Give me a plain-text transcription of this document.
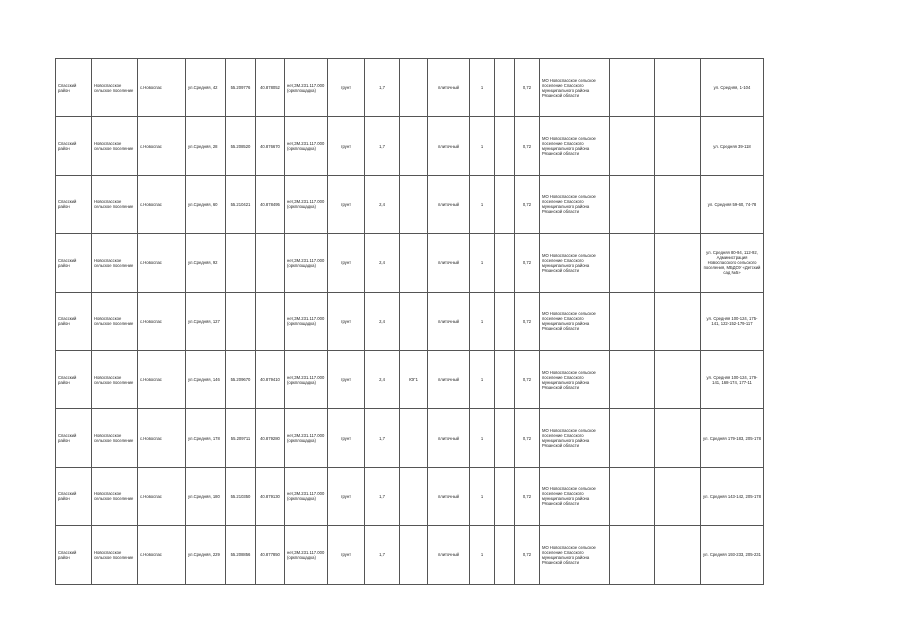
Спасский район	Новоспасское сельское поселение	с.Новоспас	ул.Средняя, 42	55.209776	40.878052	нет,ЗМ.231.117.000 (оркплощадка)	грунт	1,7		плиточный	1		0,72	МО Новоспасское сельское поселение Спасского муниципального района Рязанской области			ул. Средняя, 1-104
Спасский район	Новоспасское сельское поселение	с.Новоспас	ул.Средняя, 28	55.208520	40.876670	нет,ЗМ.231.117.000 (оркплощадка)	грунт	1,7		плиточный	1		0,72	МО Новоспасское сельское поселение Спасского муниципального района Рязанской области			ул. Средняя 39-118
Спасский район	Новоспасское сельское поселение	с.Новоспас	ул.Средняя, 60	55.210421	40.878495	нет,ЗМ.231.117.000 (оркплощадка)	грунт	2,4		плиточный	1		0,72	МО Новоспасское сельское поселение Спасского муниципального района Рязанской области			ул. Средняя 59-60, 74-78
Спасский район	Новоспасское сельское поселение	с.Новоспас	ул.Средняя, 92			нет,ЗМ.231.117.000 (оркплощадка)	грунт	2,4		плиточный	1		0,72	МО Новоспасское сельское поселение Спасского муниципального района Рязанской области			ул. Средняя 80-94, 112-92, Администрация Новоспасского сельского поселения, МБДОУ «Детский сад №5»
Спасский район	Новоспасское сельское поселение	с.Новоспас	ул.Средняя, 127			нет,ЗМ.231.117.000 (оркплощадка)	грунт	2,4		плиточный	1		0,72	МО Новоспасское сельское поселение Спасского муниципального района Рязанской области			ул. Средняя 100-124, 175-141, 122-152-179-117
Спасский район	Новоспасское сельское поселение	с.Новоспас	ул.Средняя, 146	55.209670	40.879410	нет,ЗМ.231.117.000 (оркплощадка)	грунт	2,4	ЮГ1	плиточный	1		0,72	МО Новоспасское сельское поселение Спасского муниципального района Рязанской области			ул. Средняя 100-124, 179-141, 168-174, 177-11
Спасский район	Новоспасское сельское поселение	с.Новоспас	ул.Средняя, 178	55.209711	40.879280	нет,ЗМ.231.117.000 (оркплощадка)	грунт	1,7		плиточный	1		0,72	МО Новоспасское сельское поселение Спасского муниципального района Рязанской области			ул. Средняя 179-183, 205-178
Спасский район	Новоспасское сельское поселение	с.Новоспас	ул.Средняя, 180	55.210350	40.879130	нет,ЗМ.231.117.000 (оркплощадка)	грунт	1,7		плиточный	1		0,72	МО Новоспасское сельское поселение Спасского муниципального района Рязанской области			ул. Средняя 143-142, 205-178
Спасский район	Новоспасское сельское поселение	с.Новоспас	ул.Средняя, 229	55.208856	40.877850	нет,ЗМ.231.117.000 (оркплощадка)	грунт	1,7		плиточный	1		0,72	МО Новоспасское сельское поселение Спасского муниципального района Рязанской области			ул. Средняя 193-233, 205-231
